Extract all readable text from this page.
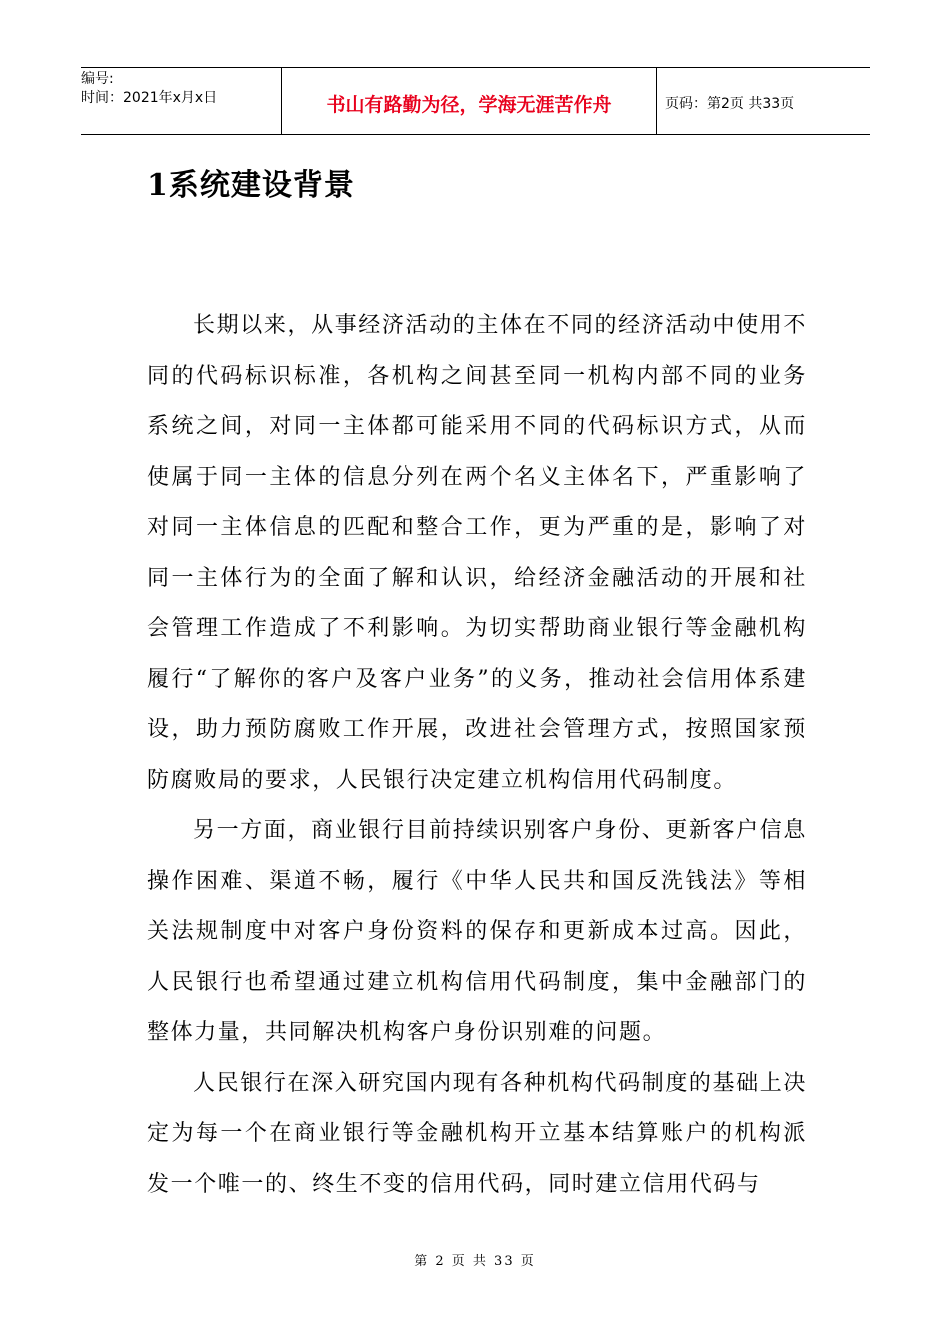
编号:
时间：2021年x月x日	书山有路勤为径，学海无涯苦作舟	页码：第2页 共33页
1系统建设背景

长期以来，从事经济活动的主体在不同的经济活动中使用不同的代码标识标准，各机构之间甚至同一机构内部不同的业务系统之间，对同一主体都可能采用不同的代码标识方式，从而使属于同一主体的信息分列在两个名义主体名下，严重影响了对同一主体信息的匹配和整合工作，更为严重的是，影响了对同一主体行为的全面了解和认识，给经济金融活动的开展和社会管理工作造成了不利影响。为切实帮助商业银行等金融机构履行“了解你的客户及客户业务”的义务，推动社会信用体系建设，助力预防腐败工作开展，改进社会管理方式，按照国家预防腐败局的要求，人民银行决定建立机构信用代码制度。

另一方面，商业银行目前持续识别客户身份、更新客户信息操作困难、渠道不畅，履行《中华人民共和国反洗钱法》等相关法规制度中对客户身份资料的保存和更新成本过高。因此，人民银行也希望通过建立机构信用代码制度，集中金融部门的整体力量，共同解决机构客户身份识别难的问题。

人民银行在深入研究国内现有各种机构代码制度的基础上决定为每一个在商业银行等金融机构开立基本结算账户的机构派发一个唯一的、终生不变的信用代码，同时建立信用代码与

第 2 页 共 33 页
